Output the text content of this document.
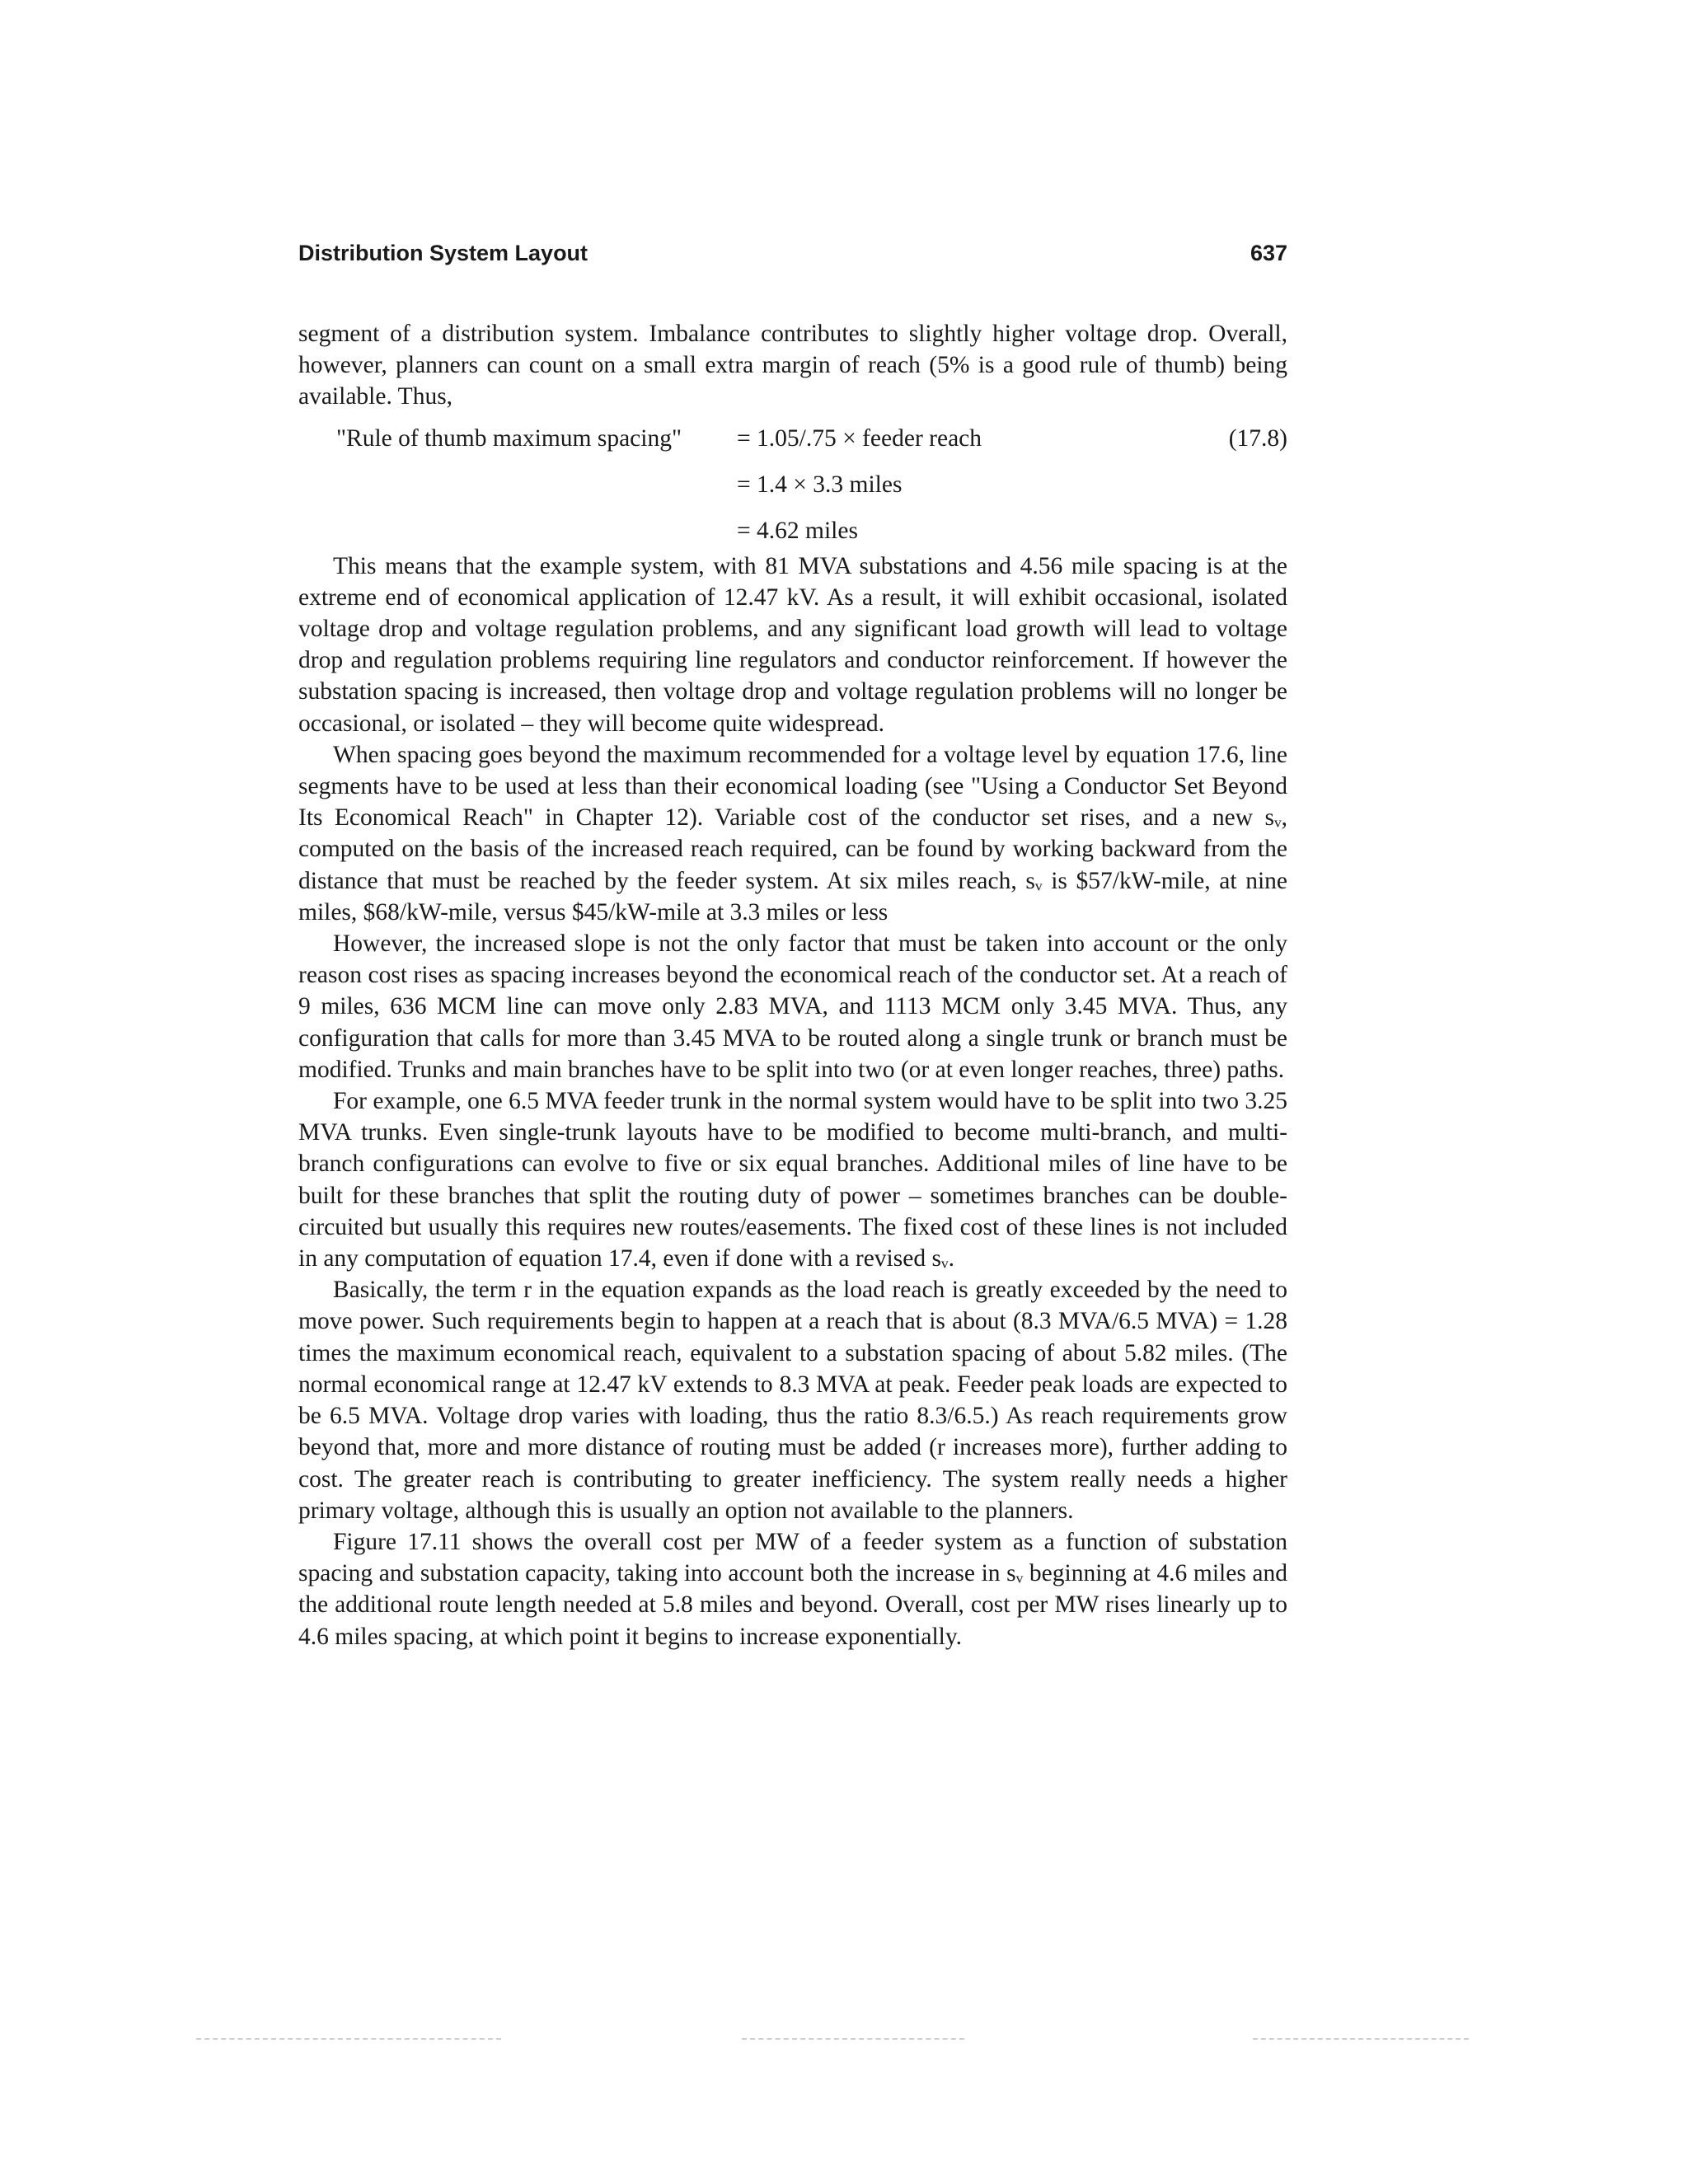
Distribution System Layout	637

segment of a distribution system. Imbalance contributes to slightly higher voltage drop. Overall, however, planners can count on a small extra margin of reach (5% is a good rule of thumb) being available. Thus,

"Rule of thumb maximum spacing" = 1.05/.75 × feeder reach
= 1.4 × 3.3 miles
= 4.62 miles
(17.8)

This means that the example system, with 81 MVA substations and 4.56 mile spacing is at the extreme end of economical application of 12.47 kV. As a result, it will exhibit occasional, isolated voltage drop and voltage regulation problems, and any significant load growth will lead to voltage drop and regulation problems requiring line regulators and conductor reinforcement. If however the substation spacing is increased, then voltage drop and voltage regulation problems will no longer be occasional, or isolated – they will become quite widespread.

When spacing goes beyond the maximum recommended for a voltage level by equation 17.6, line segments have to be used at less than their economical loading (see "Using a Conductor Set Beyond Its Economical Reach" in Chapter 12). Variable cost of the conductor set rises, and a new sᵥ, computed on the basis of the increased reach required, can be found by working backward from the distance that must be reached by the feeder system. At six miles reach, sᵥ is $57/kW-mile, at nine miles, $68/kW-mile, versus $45/kW-mile at 3.3 miles or less

However, the increased slope is not the only factor that must be taken into account or the only reason cost rises as spacing increases beyond the economical reach of the conductor set. At a reach of 9 miles, 636 MCM line can move only 2.83 MVA, and 1113 MCM only 3.45 MVA. Thus, any configuration that calls for more than 3.45 MVA to be routed along a single trunk or branch must be modified. Trunks and main branches have to be split into two (or at even longer reaches, three) paths.

For example, one 6.5 MVA feeder trunk in the normal system would have to be split into two 3.25 MVA trunks. Even single-trunk layouts have to be modified to become multi-branch, and multi-branch configurations can evolve to five or six equal branches. Additional miles of line have to be built for these branches that split the routing duty of power – sometimes branches can be double-circuited but usually this requires new routes/easements. The fixed cost of these lines is not included in any computation of equation 17.4, even if done with a revised sᵥ.

Basically, the term r in the equation expands as the load reach is greatly exceeded by the need to move power. Such requirements begin to happen at a reach that is about (8.3 MVA/6.5 MVA) = 1.28 times the maximum economical reach, equivalent to a substation spacing of about 5.82 miles. (The normal economical range at 12.47 kV extends to 8.3 MVA at peak. Feeder peak loads are expected to be 6.5 MVA. Voltage drop varies with loading, thus the ratio 8.3/6.5.) As reach requirements grow beyond that, more and more distance of routing must be added (r increases more), further adding to cost. The greater reach is contributing to greater inefficiency. The system really needs a higher primary voltage, although this is usually an option not available to the planners.

Figure 17.11 shows the overall cost per MW of a feeder system as a function of substation spacing and substation capacity, taking into account both the increase in sᵥ beginning at 4.6 miles and the additional route length needed at 5.8 miles and beyond. Overall, cost per MW rises linearly up to 4.6 miles spacing, at which point it begins to increase exponentially.
